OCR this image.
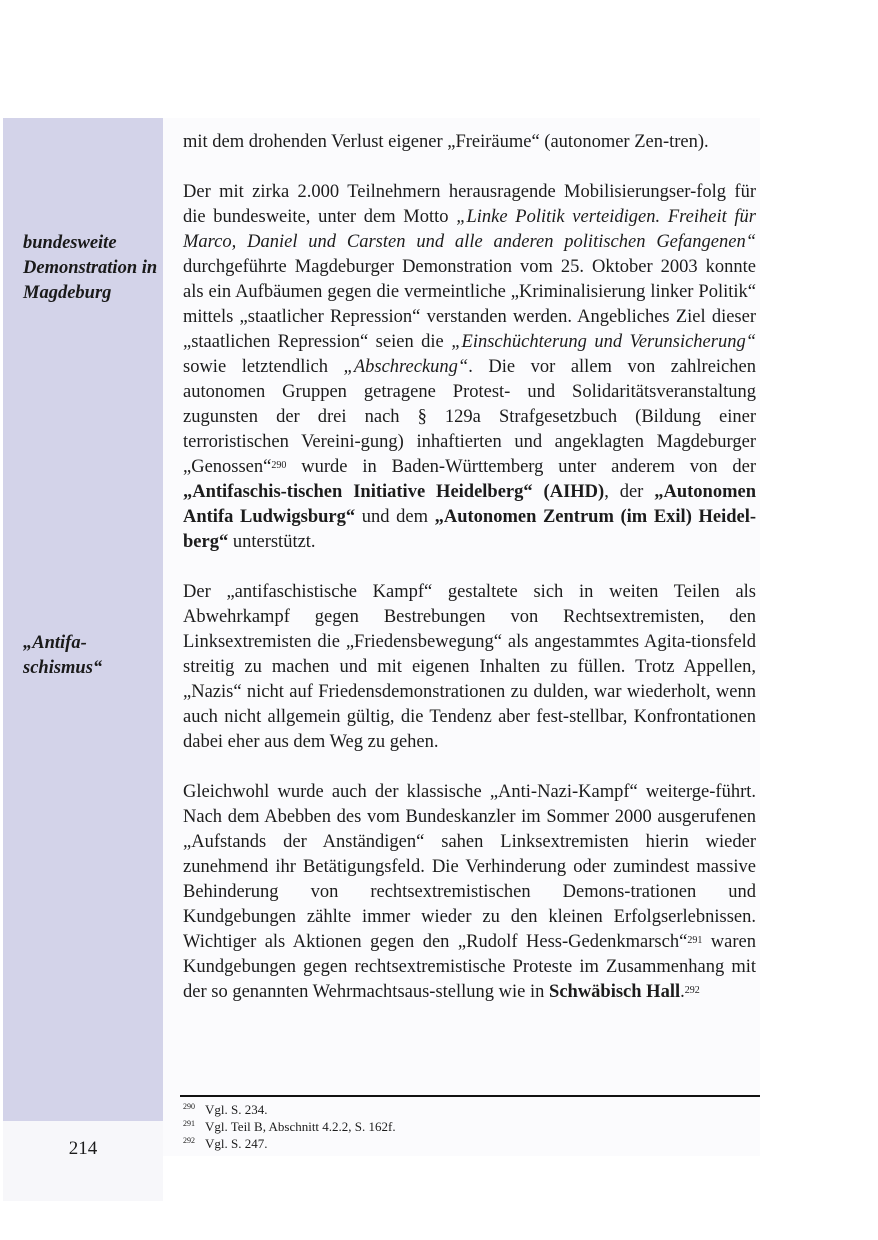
bundesweite Demonstration in Magdeburg
„Antifa-schismus“

mit dem drohenden Verlust eigener „Freiräume“ (autonomer Zen-tren).

Der mit zirka 2.000 Teilnehmern herausragende Mobilisierungser-folg für die bundesweite, unter dem Motto „Linke Politik verteidigen. Freiheit für Marco, Daniel und Carsten und alle anderen politischen Gefangenen“ durchgeführte Magdeburger Demonstration vom 25. Oktober 2003 konnte als ein Aufbäumen gegen die vermeintliche „Kriminalisierung linker Politik“ mittels „staatlicher Repression“ verstanden werden. Angebliches Ziel dieser „staatlichen Repression“ seien die „Einschüchterung und Verunsicherung“ sowie letztendlich „Abschreckung“. Die vor allem von zahlreichen autonomen Gruppen getragene Protest- und Solidaritätsveranstaltung zugunsten der drei nach § 129a Strafgesetzbuch (Bildung einer terroristischen Vereini-gung) inhaftierten und angeklagten Magdeburger „Genossen“$^{290}$ wurde in Baden-Württemberg unter anderem von der „Antifaschis-tischen Initiative Heidelberg“ (AIHD), der „Autonomen Antifa Ludwigsburg“ und dem „Autonomen Zentrum (im Exil) Heidel-berg“ unterstützt.

Der „antifaschistische Kampf“ gestaltete sich in weiten Teilen als Abwehrkampf gegen Bestrebungen von Rechtsextremisten, den Linksextremisten die „Friedensbewegung“ als angestammtes Agita-tionsfeld streitig zu machen und mit eigenen Inhalten zu füllen. Trotz Appellen, „Nazis“ nicht auf Friedensdemonstrationen zu dulden, war wiederholt, wenn auch nicht allgemein gültig, die Tendenz aber fest-stellbar, Konfrontationen dabei eher aus dem Weg zu gehen.

Gleichwohl wurde auch der klassische „Anti-Nazi-Kampf“ weiterge-führt. Nach dem Abebben des vom Bundeskanzler im Sommer 2000 ausgerufenen „Aufstands der Anständigen“ sahen Linksextremisten hierin wieder zunehmend ihr Betätigungsfeld. Die Verhinderung oder zumindest massive Behinderung von rechtsextremistischen Demons-trationen und Kundgebungen zählte immer wieder zu den kleinen Erfolgserlebnissen. Wichtiger als Aktionen gegen den „Rudolf Hess-Gedenkmarsch“$^{291}$ waren Kundgebungen gegen rechtsextremistische Proteste im Zusammenhang mit der so genannten Wehrmachtsaus-stellung wie in Schwäbisch Hall.$^{292}$

290 Vgl. S. 234.
291 Vgl. Teil B, Abschnitt 4.2.2, S. 162f.
292 Vgl. S. 247.
214
